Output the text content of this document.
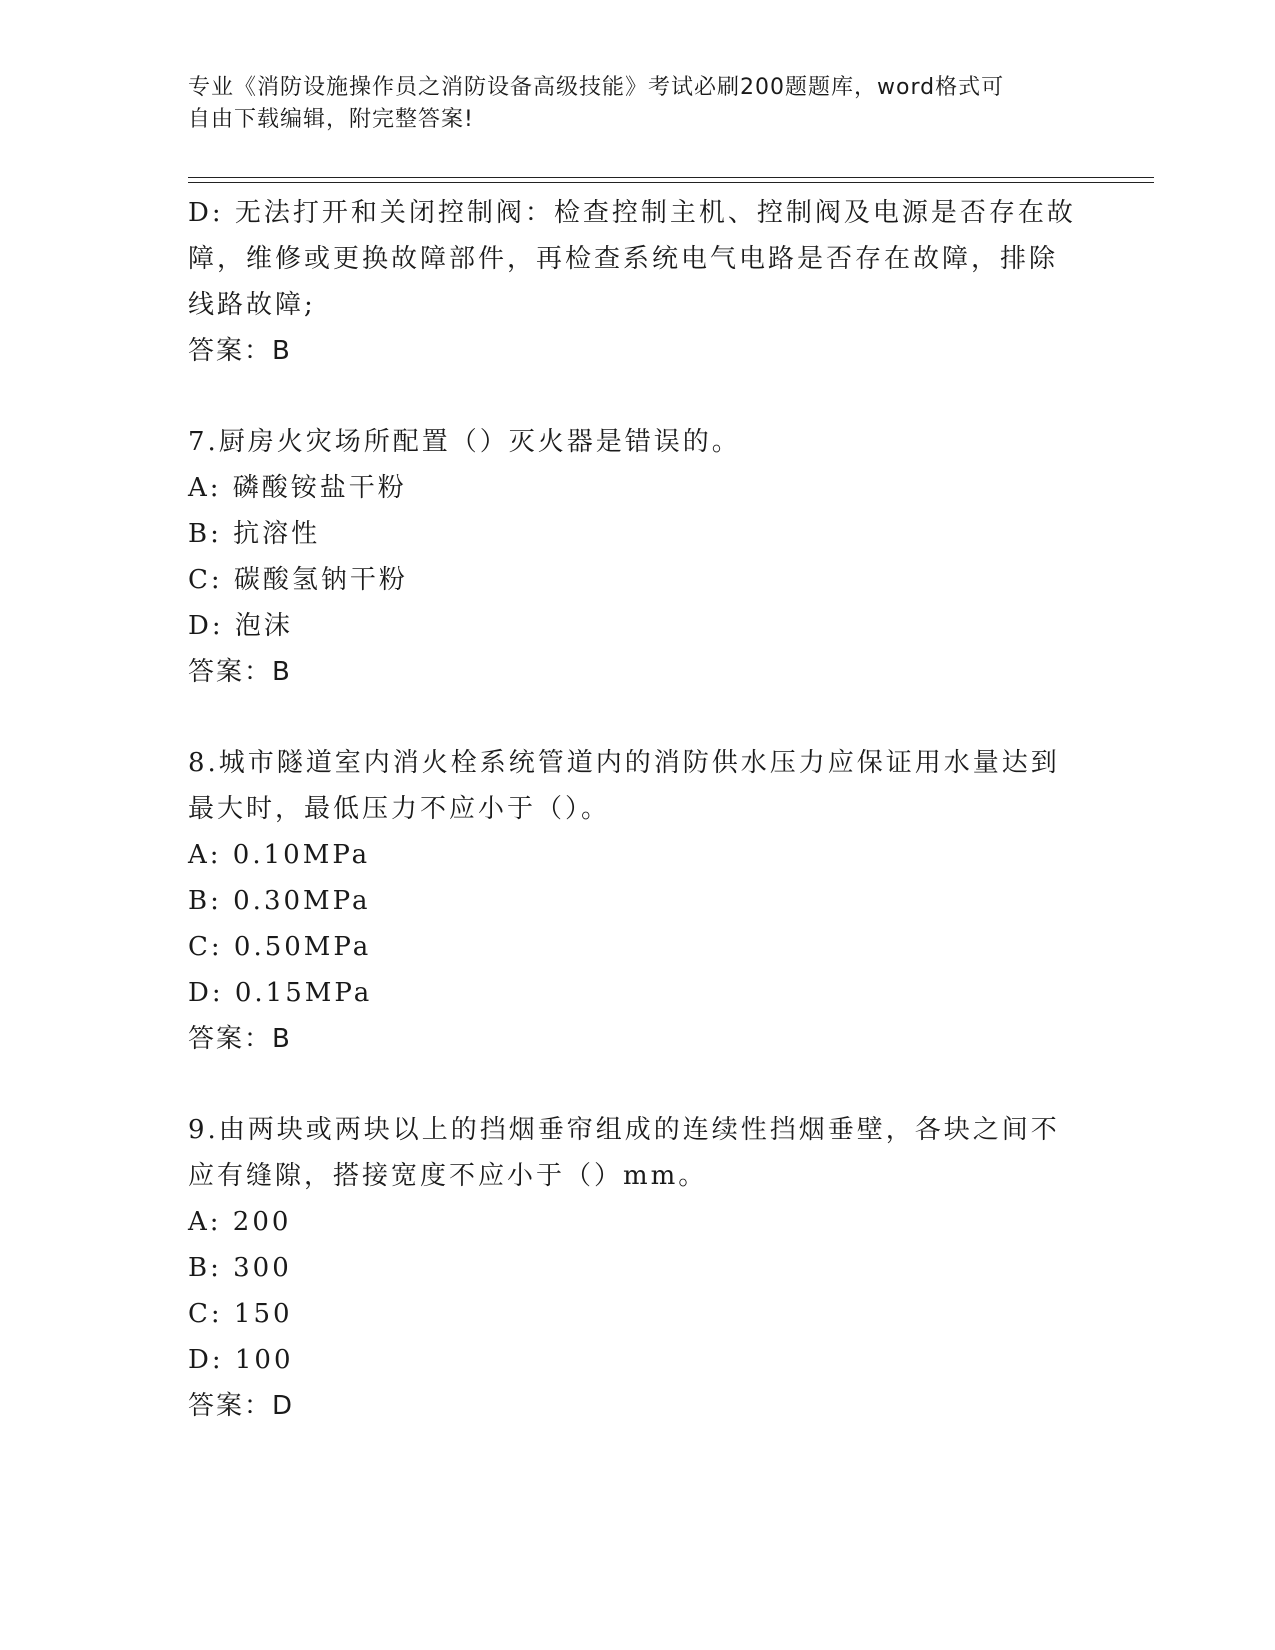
专业《消防设施操作员之消防设备高级技能》考试必刷200题题库，word格式可
自由下载编辑，附完整答案!
D: 无法打开和关闭控制阀：检查控制主机、控制阀及电源是否存在故
障，维修或更换故障部件，再检查系统电气电路是否存在故障，排除
线路故障;
答案：B
7.厨房火灾场所配置（）灭火器是错误的。
A: 磷酸铵盐干粉
B: 抗溶性
C: 碳酸氢钠干粉
D: 泡沫
答案：B
8.城市隧道室内消火栓系统管道内的消防供水压力应保证用水量达到
最大时，最低压力不应小于（）。
A: 0.10MPa
B: 0.30MPa
C: 0.50MPa
D: 0.15MPa
答案：B
9.由两块或两块以上的挡烟垂帘组成的连续性挡烟垂壁，各块之间不
应有缝隙，搭接宽度不应小于（）mm。
A: 200
B: 300
C: 150
D: 100
答案：D
